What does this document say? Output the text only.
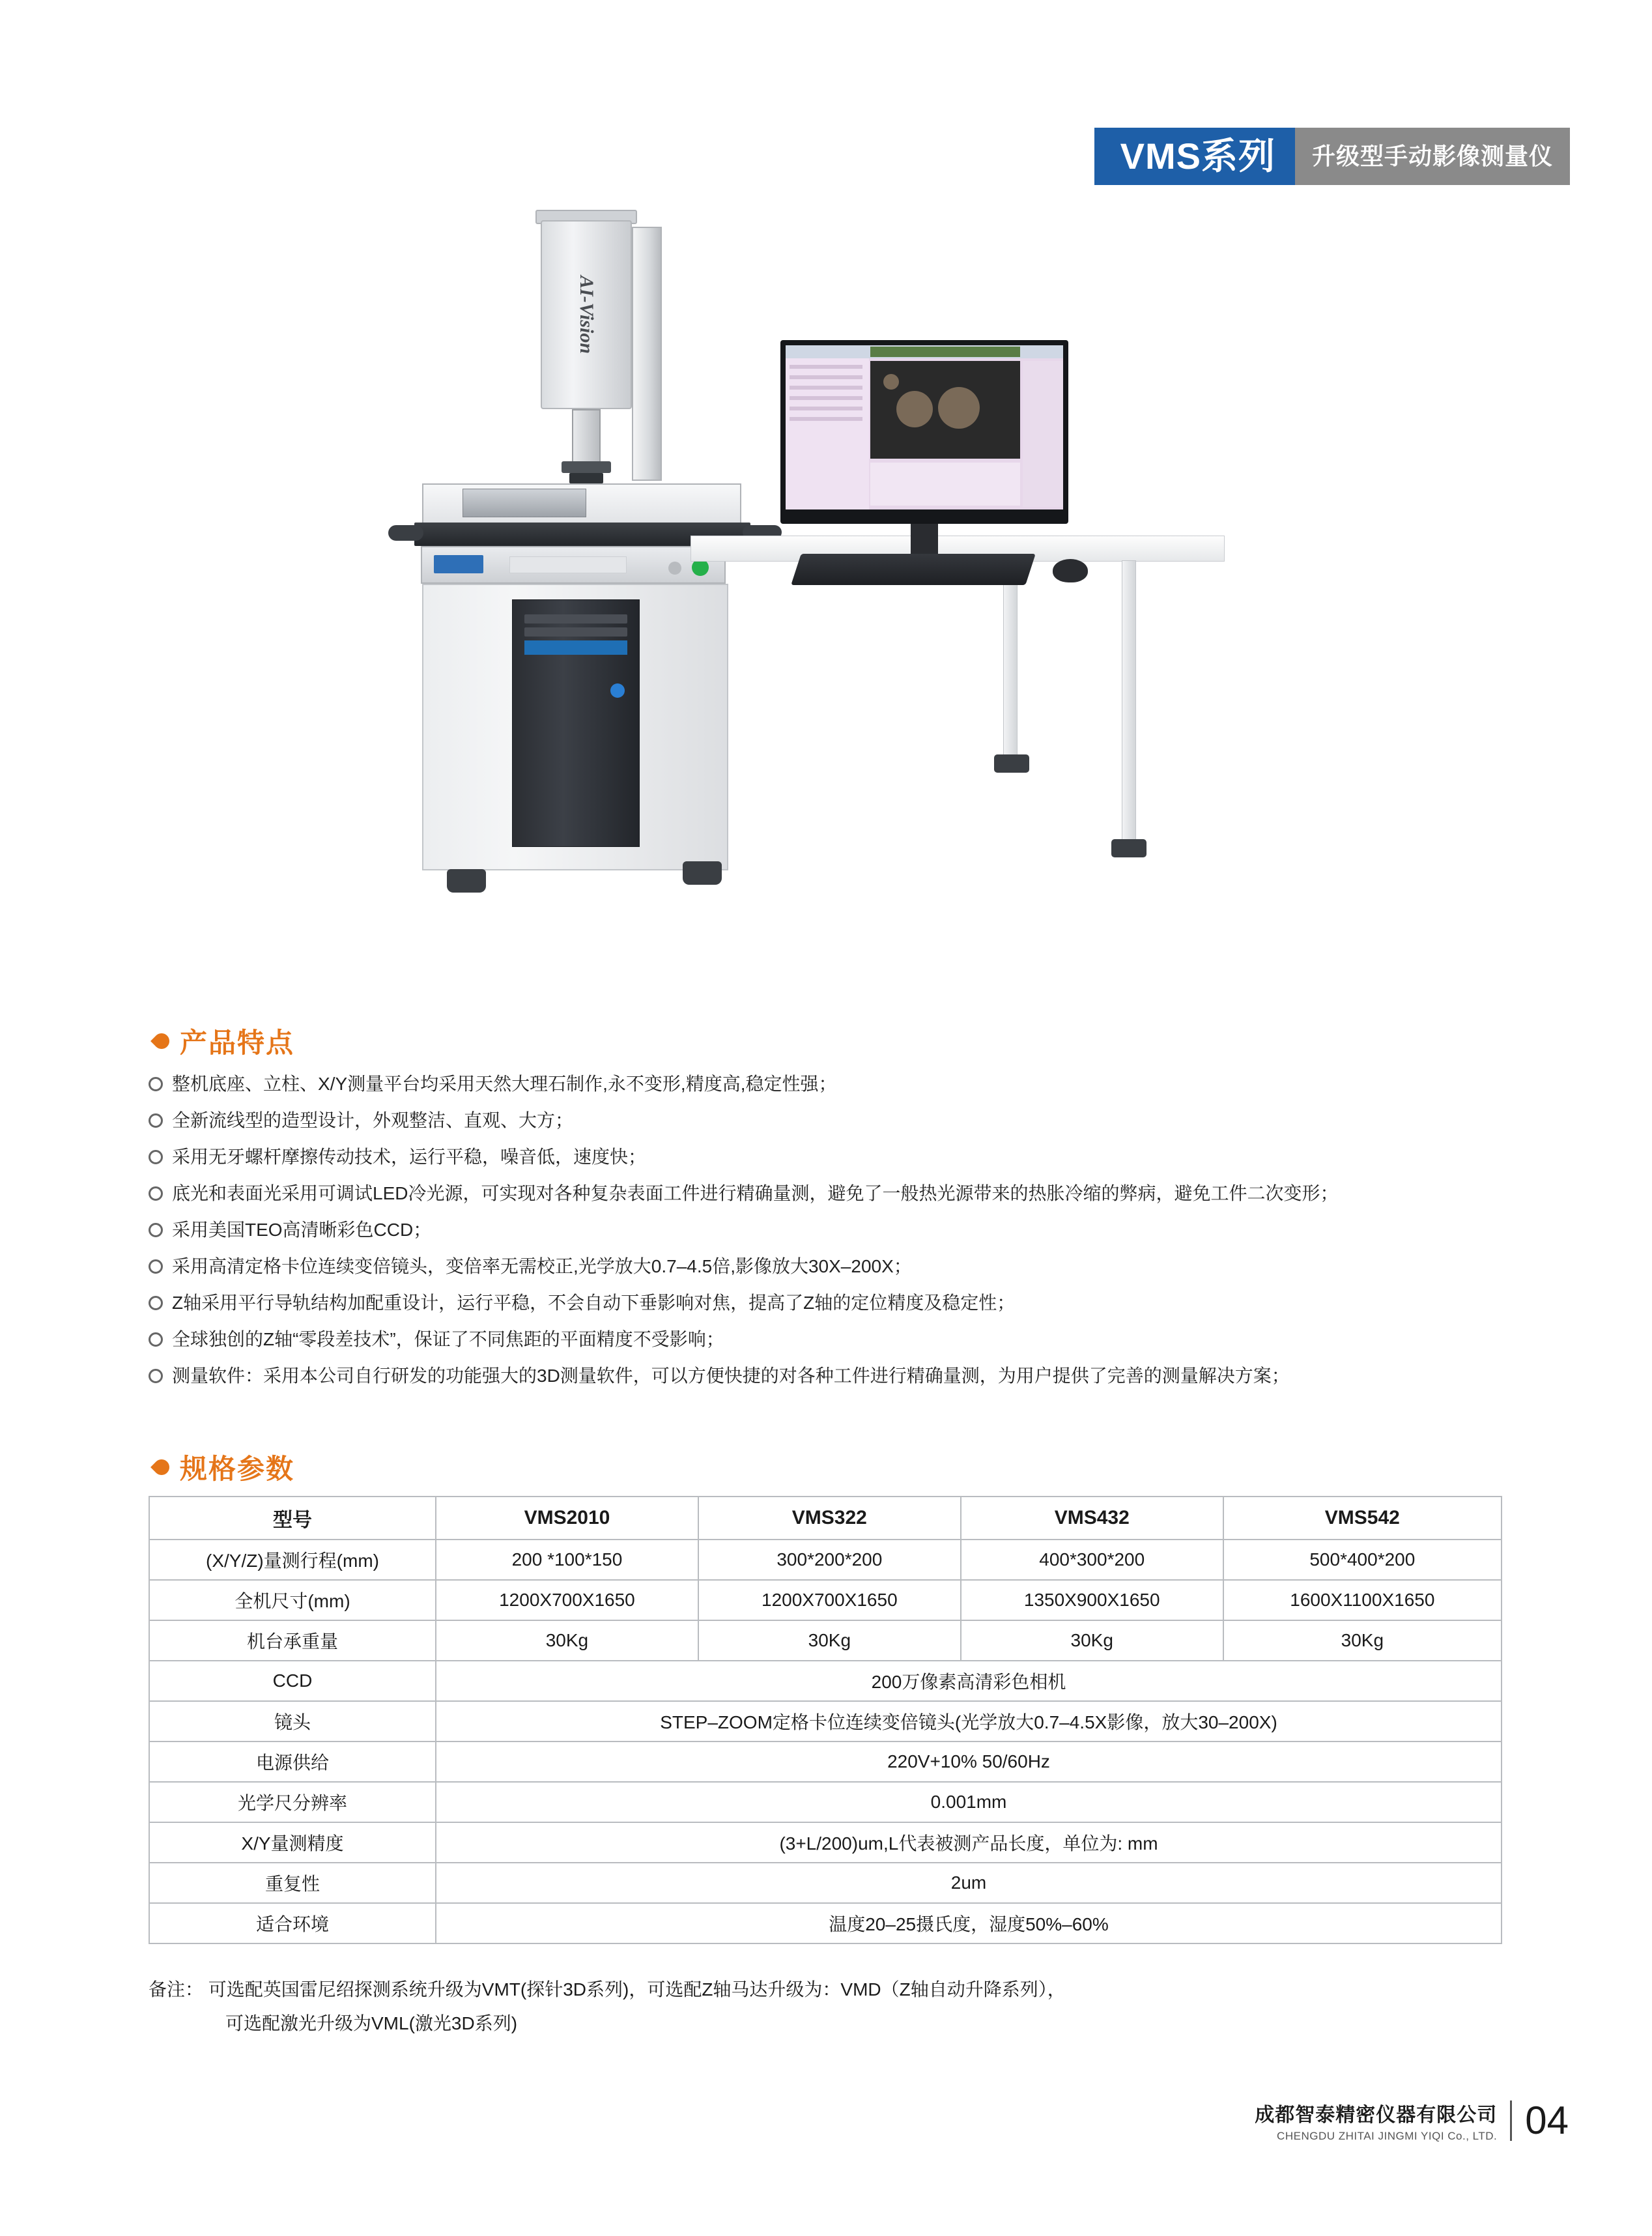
VMS系列 升级型手动影像测量仪
AI-Vision
产品特点
整机底座、立柱、X/Y测量平台均采用天然大理石制作,永不变形,精度高,稳定性强；
全新流线型的造型设计，外观整洁、直观、大方；
采用无牙螺杆摩擦传动技术，运行平稳，噪音低，速度快；
底光和表面光采用可调试LED冷光源，可实现对各种复杂表面工件进行精确量测，避免了一般热光源带来的热胀冷缩的弊病，避免工件二次变形；
采用美国TEO高清晰彩色CCD；
采用高清定格卡位连续变倍镜头，变倍率无需校正,光学放大0.7–4.5倍,影像放大30X–200X；
Z轴采用平行导轨结构加配重设计，运行平稳，不会自动下垂影响对焦，提高了Z轴的定位精度及稳定性；
全球独创的Z轴“零段差技术”，保证了不同焦距的平面精度不受影响；
测量软件：采用本公司自行研发的功能强大的3D测量软件，可以方便快捷的对各种工件进行精确量测，为用户提供了完善的测量解决方案；
规格参数
型号	VMS2010	VMS322	VMS432	VMS542
(X/Y/Z)量测行程(mm)	200 *100*150	300*200*200	400*300*200	500*400*200
全机尺寸(mm)	1200X700X1650	1200X700X1650	1350X900X1650	1600X1100X1650
机台承重量	30Kg	30Kg	30Kg	30Kg
CCD	200万像素高清彩色相机			
镜头	STEP–ZOOM定格卡位连续变倍镜头(光学放大0.7–4.5X影像，放大30–200X)			
电源供给	220V+10% 50/60Hz			
光学尺分辨率	0.001mm			
X/Y量测精度	(3+L/200)um,L代表被测产品长度，单位为: mm			
重复性	2um			
适合环境	温度20–25摄氏度，湿度50%–60%			
备注： 可选配英国雷尼绍探测系统升级为VMT(探针3D系列)，可选配Z轴马达升级为：VMD（Z轴自动升降系列），
可选配激光升级为VML(激光3D系列)
成都智泰精密仪器有限公司
CHENGDU ZHITAI JINGMI YIQI Co., LTD. 04
